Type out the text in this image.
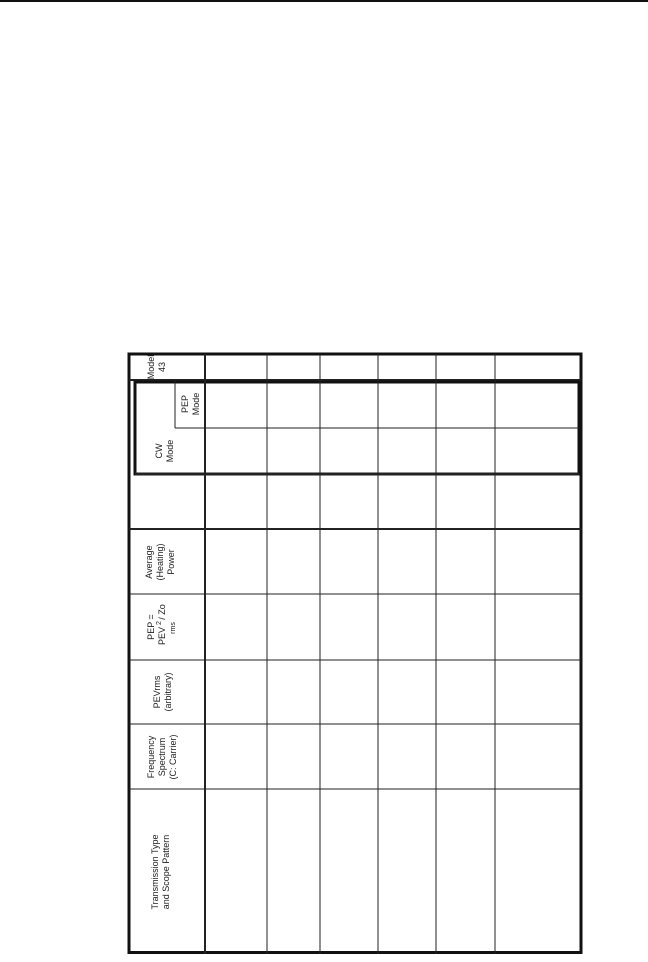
Transmission Type and Scope Pattern
Frequency Spectrum (C: Carrier)
PEVrms (arbitrary)
PEP = PEV
2
/ Zo
rms
Average (Heating) Power
CW Mode
PEP Mode
Model 43
